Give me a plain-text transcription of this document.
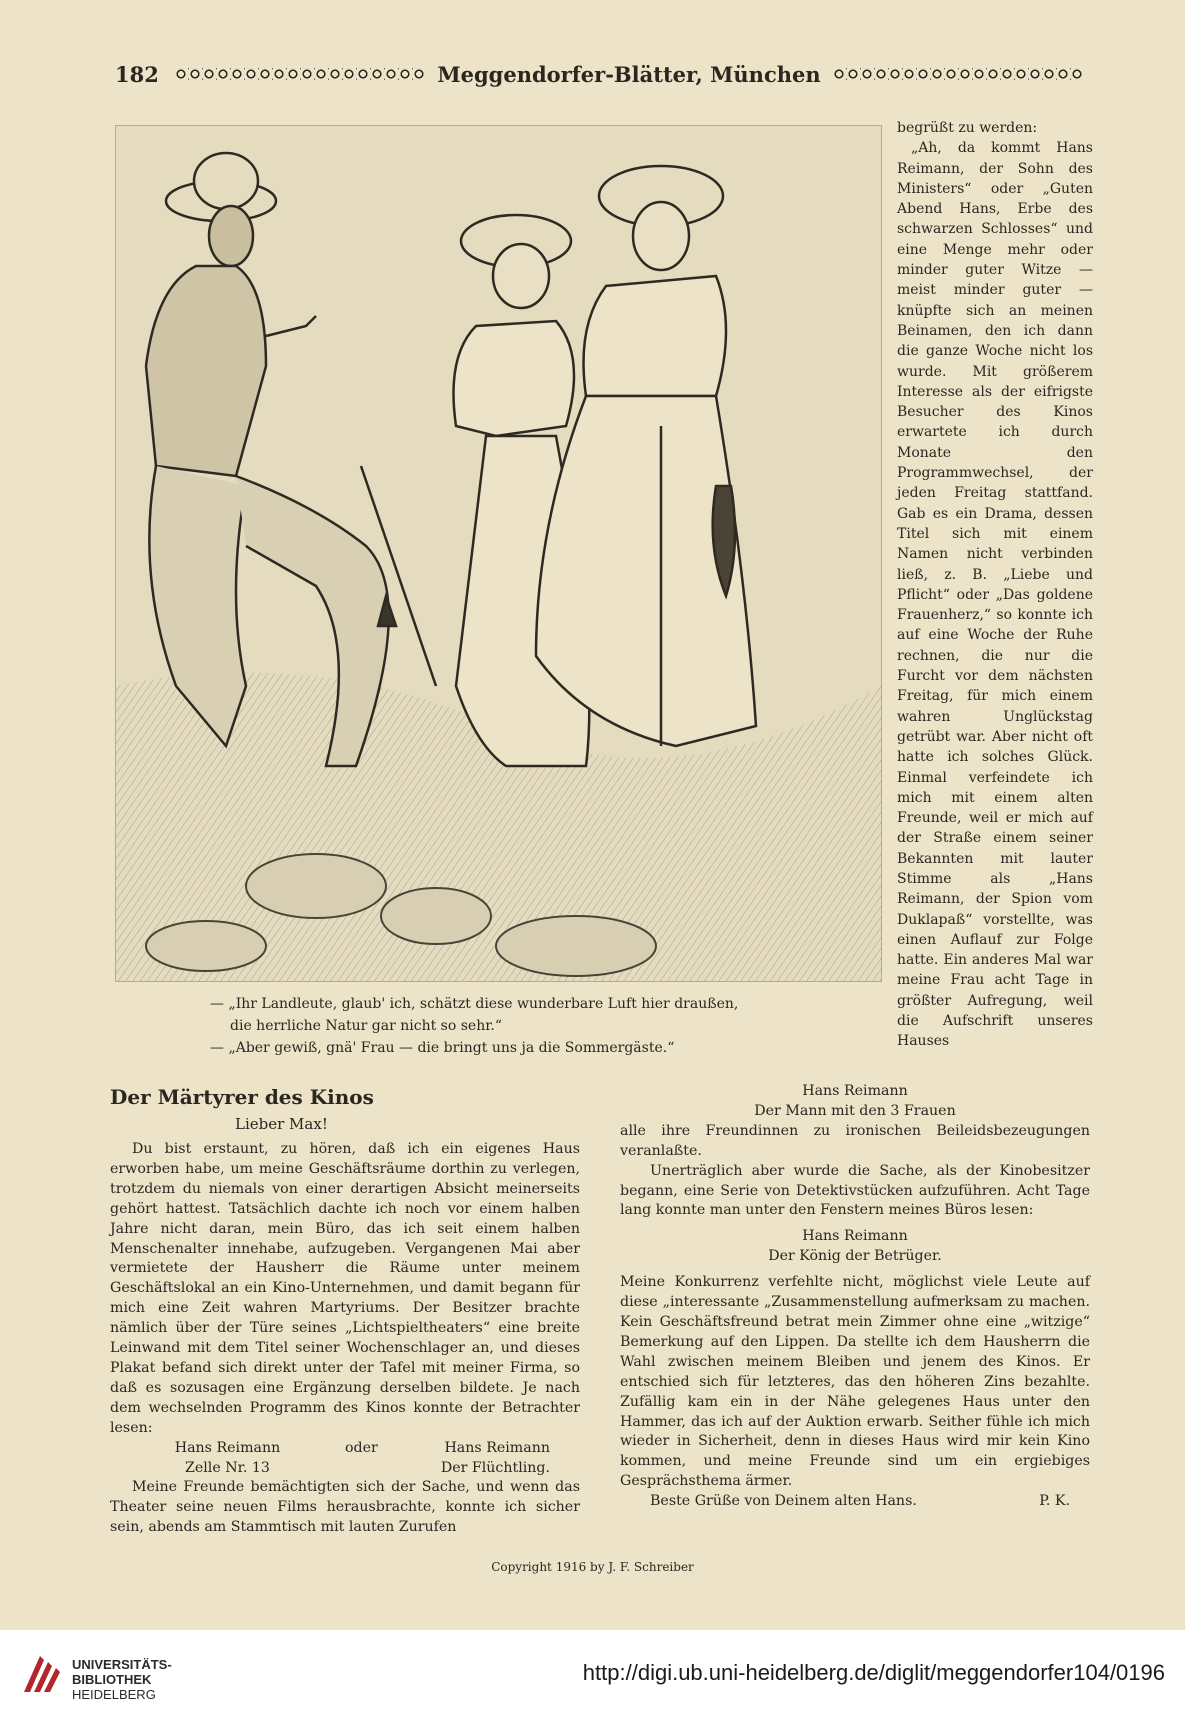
182	Meggendorfer-Blätter, München
— „Ihr Landleute, glaub' ich, schätzt diese wunderbare Luft hier draußen,
die herrliche Natur gar nicht so sehr.“
— „Aber gewiß, gnä' Frau — die bringt uns ja die Sommergäste.“

begrüßt zu werden:

„Ah, da kommt Hans Reimann, der Sohn des Ministers“ oder „Guten Abend Hans, Erbe des schwarzen Schlosses“ und eine Menge mehr oder minder guter Witze — meist minder guter — knüpfte sich an meinen Beinamen, den ich dann die ganze Woche nicht los wurde. Mit größerem Interesse als der eifrigste Besucher des Kinos erwartete ich durch Monate den Programmwechsel, der jeden Freitag stattfand. Gab es ein Drama, dessen Titel sich mit einem Namen nicht verbinden ließ, z. B. „Liebe und Pflicht“ oder „Das goldene Frauenherz,“ so konnte ich auf eine Woche der Ruhe rechnen, die nur die Furcht vor dem nächsten Freitag, für mich einem wahren Unglückstag getrübt war. Aber nicht oft hatte ich solches Glück. Einmal verfeindete ich mich mit einem alten Freunde, weil er mich auf der Straße einem seiner Bekannten mit lauter Stimme als „Hans Reimann, der Spion vom Duklapaß“ vorstellte, was einen Auflauf zur Folge hatte. Ein anderes Mal war meine Frau acht Tage in größter Aufregung, weil die Aufschrift unseres Hauses

Der Märtyrer des Kinos
Lieber Max!

Du bist erstaunt, zu hören, daß ich ein eigenes Haus erworben habe, um meine Geschäftsräume dorthin zu verlegen, trotzdem du niemals von einer derartigen Absicht meinerseits gehört hattest. Tatsächlich dachte ich noch vor einem halben Jahre nicht daran, mein Büro, das ich seit einem halben Menschenalter innehabe, aufzugeben. Vergangenen Mai aber vermietete der Hausherr die Räume unter meinem Geschäftslokal an ein Kino-Unternehmen, und damit begann für mich eine Zeit wahren Martyriums. Der Besitzer brachte nämlich über der Türe seines „Lichtspieltheaters“ eine breite Leinwand mit dem Titel seiner Wochenschlager an, und dieses Plakat befand sich direkt unter der Tafel mit meiner Firma, so daß es sozusagen eine Ergänzung derselben bildete. Je nach dem wechselnden Programm des Kinos konnte der Betrachter lesen:

Hans Reimann	oder	Hans Reimann
Zelle Nr. 13	Der Flüchtling.

Meine Freunde bemächtigten sich der Sache, und wenn das Theater seine neuen Films herausbrachte, konnte ich sicher sein, abends am Stammtisch mit lauten Zurufen

Hans Reimann

Der Mann mit den 3 Frauen

alle ihre Freundinnen zu ironischen Beileidsbezeugungen veranlaßte.

Unerträglich aber wurde die Sache, als der Kinobesitzer begann, eine Serie von Detektivstücken aufzuführen. Acht Tage lang konnte man unter den Fenstern meines Büros lesen:

Hans Reimann

Der König der Betrüger.

Meine Konkurrenz verfehlte nicht, möglichst viele Leute auf diese „interessante „Zusammenstellung aufmerksam zu machen. Kein Geschäftsfreund betrat mein Zimmer ohne eine „witzige“ Bemerkung auf den Lippen. Da stellte ich dem Hausherrn die Wahl zwischen meinem Bleiben und jenem des Kinos. Er entschied sich für letzteres, das den höheren Zins bezahlte. Zufällig kam ein in der Nähe gelegenes Haus unter den Hammer, das ich auf der Auktion erwarb. Seither fühle ich mich wieder in Sicherheit, denn in dieses Haus wird mir kein Kino kommen, und meine Freunde sind um ein ergiebiges Gesprächsthema ärmer.

Beste Grüße von Deinem alten Hans.	P. K.
Copyright 1916 by J. F. Schreiber
UNIVERSITÄTS-
BIBLIOTHEK
HEIDELBERG
http://digi.ub.uni-heidelberg.de/diglit/meggendorfer104/0196
